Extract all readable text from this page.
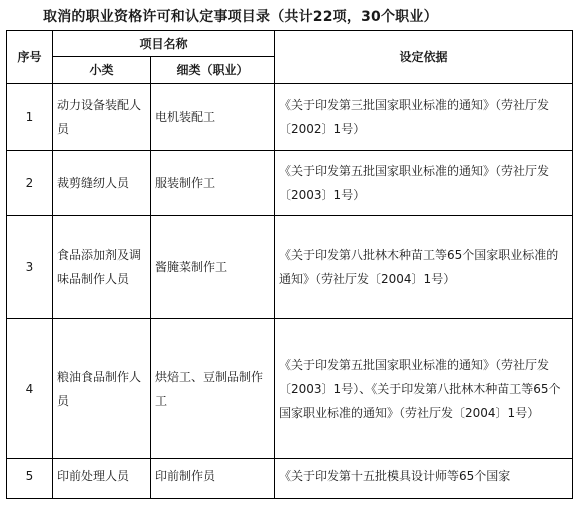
取消的职业资格许可和认定事项目录（共计22项，30个职业）
序号	项目名称		设定依据
	小类	细类（职业）	
1	动力设备装配人员	电机装配工	《关于印发第三批国家职业标准的通知》（劳社厅发〔2002〕1号）
2	裁剪缝纫人员	服装制作工	《关于印发第五批国家职业标准的通知》（劳社厅发〔2003〕1号）
3	食品添加剂及调味品制作人员	酱腌菜制作工	《关于印发第八批林木种苗工等65个国家职业标准的通知》（劳社厅发〔2004〕1号）
4	粮油食品制作人员	烘焙工、豆制品制作工	《关于印发第五批国家职业标准的通知》（劳社厅发〔2003〕1号）、《关于印发第八批林木种苗工等65个国家职业标准的通知》（劳社厅发〔2004〕1号）
5	印前处理人员	印前制作员	《关于印发第十五批模具设计师等65个国家
